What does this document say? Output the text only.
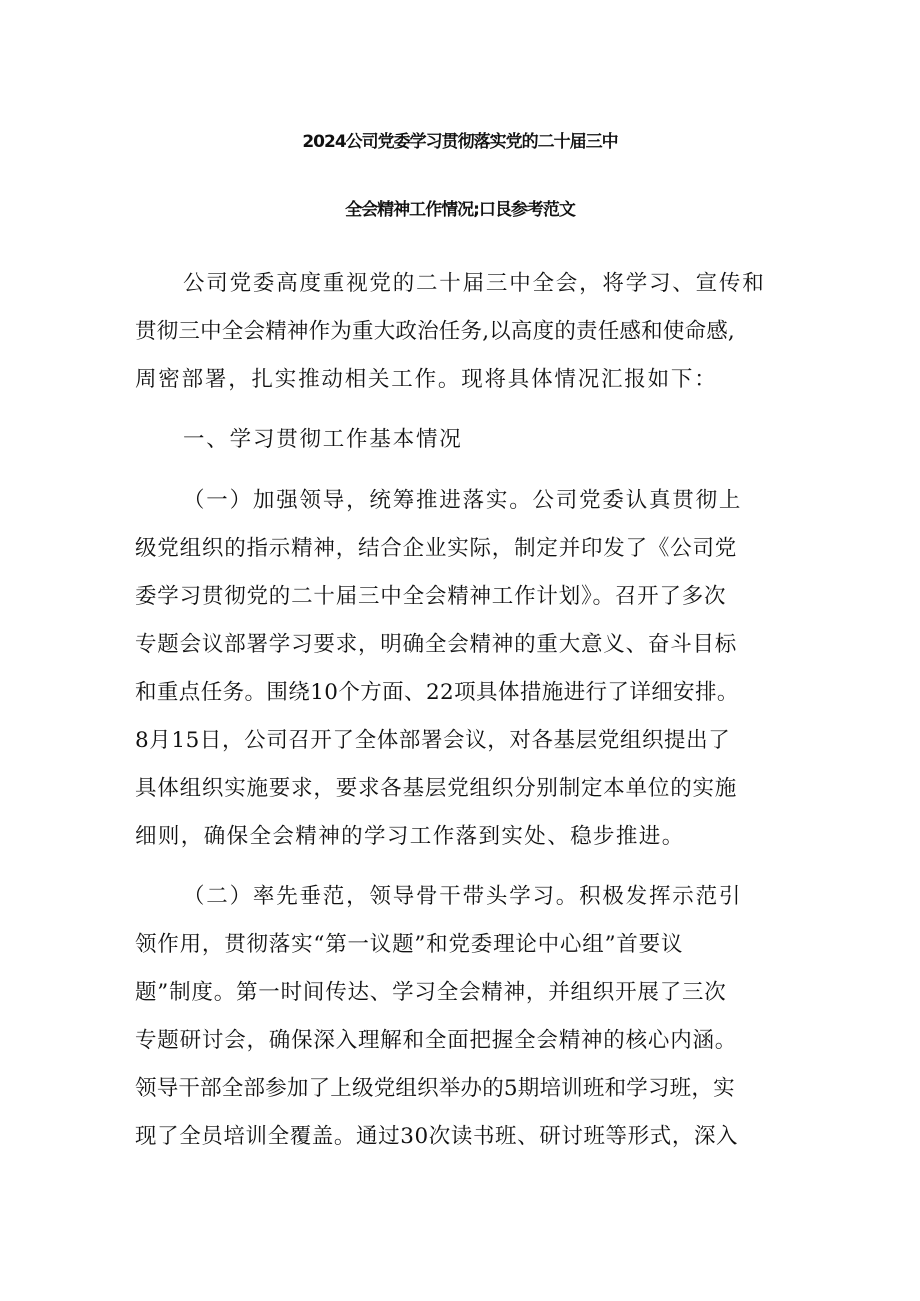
2024公司党委学习贯彻落实党的二十届三中
全会精神工作情况;口艮参考范文
公司党委高度重视党的二十届三中全会，将学习、宣传和
贯彻三中全会精神作为重大政治任务,以高度的责任感和使命感,
周密部署，扎实推动相关工作。现将具体情况汇报如下：
一、学习贯彻工作基本情况
（一）加强领导，统筹推进落实。公司党委认真贯彻上
级党组织的指示精神，结合企业实际，制定并印发了《公司党
委学习贯彻党的二十届三中全会精神工作计划》。召开了多次
专题会议部署学习要求，明确全会精神的重大意义、奋斗目标
和重点任务。围绕10个方面、22项具体措施进行了详细安排。
8月15日，公司召开了全体部署会议，对各基层党组织提出了
具体组织实施要求，要求各基层党组织分别制定本单位的实施
细则，确保全会精神的学习工作落到实处、稳步推进。
（二）率先垂范，领导骨干带头学习。积极发挥示范引
领作用，贯彻落实“第一议题”和党委理论中心组”首要议
题”制度。第一时间传达、学习全会精神，并组织开展了三次
专题研讨会，确保深入理解和全面把握全会精神的核心内涵。
领导干部全部参加了上级党组织举办的5期培训班和学习班，实
现了全员培训全覆盖。通过30次读书班、研讨班等形式，深入
